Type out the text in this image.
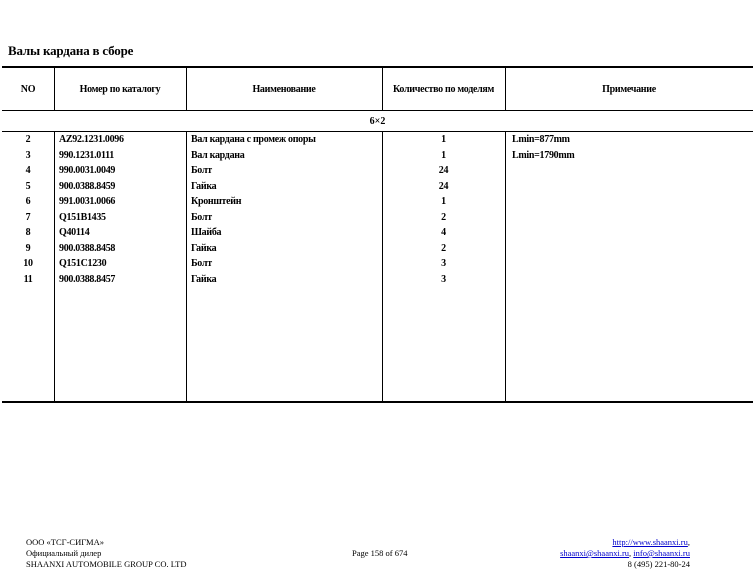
Валы кардана в сборе
NO	Номер по каталогу	Наименование	Количество по моделям	Примечание
6×2
2	AZ92.1231.0096	Вал кардана с промеж опоры	1	Lmin=877mm
3	990.1231.0111	Вал кардана	1	Lmin=1790mm
4	990.0031.0049	Болт	24
5	900.0388.8459	Гайка	24
6	991.0031.0066	Кронштейн	1
7	Q151B1435	Болт	2
8	Q40114	Шайба	4
9	900.0388.8458	Гайка	2
10	Q151C1230	Болт	3
11	900.0388.8457	Гайка	3
ООО «ТСГ-СИГМА»
Официальный дилер
SHAANXI AUTOMOBILE GROUP CO. LTD
Page 158 of 674
http://www.shaanxi.ru,
shaanxi@shaanxi.ru, info@shaanxi.ru
8 (495) 221-80-24
